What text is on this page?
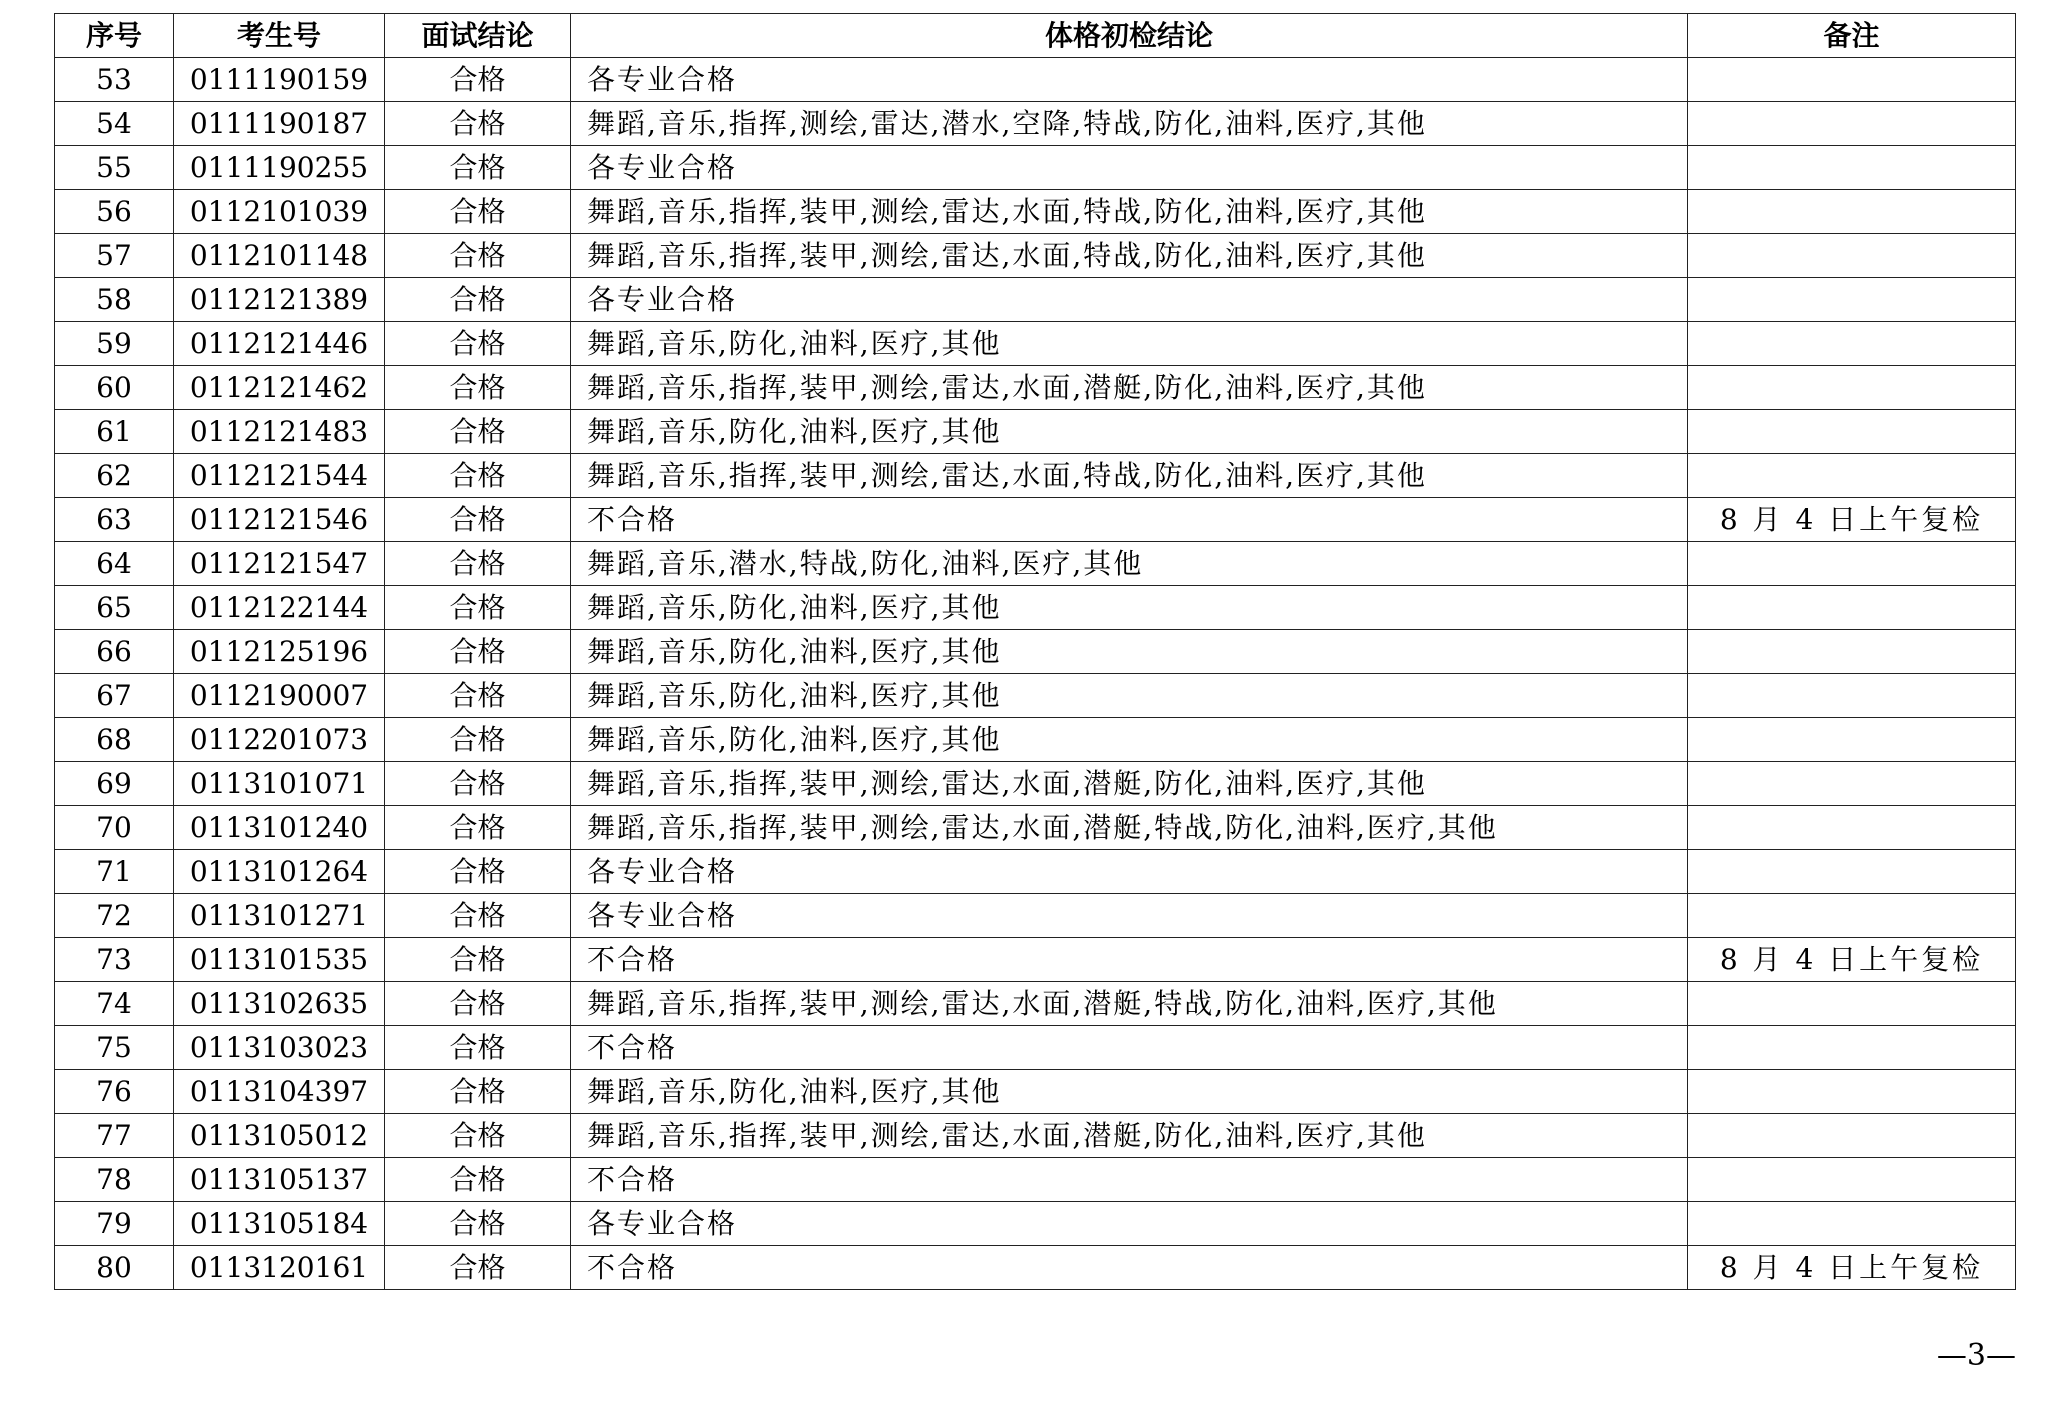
序号	考生号	面试结论	体格初检结论	备注
53	0111190159	合格	各专业合格	
54	0111190187	合格	舞蹈,音乐,指挥,测绘,雷达,潜水,空降,特战,防化,油料,医疗,其他	
55	0111190255	合格	各专业合格	
56	0112101039	合格	舞蹈,音乐,指挥,装甲,测绘,雷达,水面,特战,防化,油料,医疗,其他	
57	0112101148	合格	舞蹈,音乐,指挥,装甲,测绘,雷达,水面,特战,防化,油料,医疗,其他	
58	0112121389	合格	各专业合格	
59	0112121446	合格	舞蹈,音乐,防化,油料,医疗,其他	
60	0112121462	合格	舞蹈,音乐,指挥,装甲,测绘,雷达,水面,潜艇,防化,油料,医疗,其他	
61	0112121483	合格	舞蹈,音乐,防化,油料,医疗,其他	
62	0112121544	合格	舞蹈,音乐,指挥,装甲,测绘,雷达,水面,特战,防化,油料,医疗,其他	
63	0112121546	合格	不合格	8 月 4 日上午复检
64	0112121547	合格	舞蹈,音乐,潜水,特战,防化,油料,医疗,其他	
65	0112122144	合格	舞蹈,音乐,防化,油料,医疗,其他	
66	0112125196	合格	舞蹈,音乐,防化,油料,医疗,其他	
67	0112190007	合格	舞蹈,音乐,防化,油料,医疗,其他	
68	0112201073	合格	舞蹈,音乐,防化,油料,医疗,其他	
69	0113101071	合格	舞蹈,音乐,指挥,装甲,测绘,雷达,水面,潜艇,防化,油料,医疗,其他	
70	0113101240	合格	舞蹈,音乐,指挥,装甲,测绘,雷达,水面,潜艇,特战,防化,油料,医疗,其他	
71	0113101264	合格	各专业合格	
72	0113101271	合格	各专业合格	
73	0113101535	合格	不合格	8 月 4 日上午复检
74	0113102635	合格	舞蹈,音乐,指挥,装甲,测绘,雷达,水面,潜艇,特战,防化,油料,医疗,其他	
75	0113103023	合格	不合格	
76	0113104397	合格	舞蹈,音乐,防化,油料,医疗,其他	
77	0113105012	合格	舞蹈,音乐,指挥,装甲,测绘,雷达,水面,潜艇,防化,油料,医疗,其他	
78	0113105137	合格	不合格	
79	0113105184	合格	各专业合格	
80	0113120161	合格	不合格	8 月 4 日上午复检
—3—
